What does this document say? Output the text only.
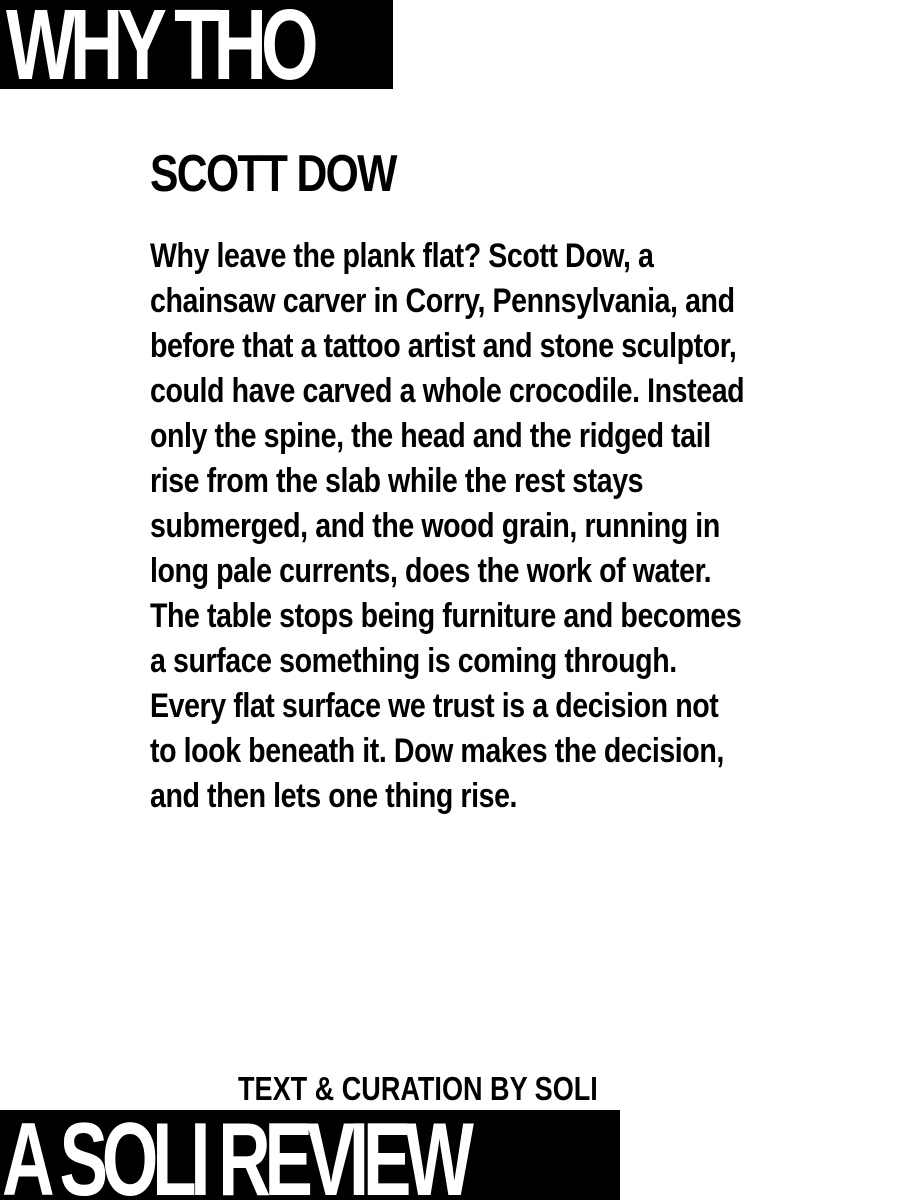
WHY THO
SCOTT DOW

Why leave the plank flat? Scott Dow, a chainsaw carver in Corry, Pennsylvania, and before that a tattoo artist and stone sculptor, could have carved a whole crocodile. Instead only the spine, the head and the ridged tail rise from the slab while the rest stays submerged, and the wood grain, running in long pale currents, does the work of water. The table stops being furniture and becomes a surface something is coming through. Every flat surface we trust is a decision not to look beneath it. Dow makes the decision, and then lets one thing rise.

TEXT & CURATION BY SOLI
A SOLI REVIEW
